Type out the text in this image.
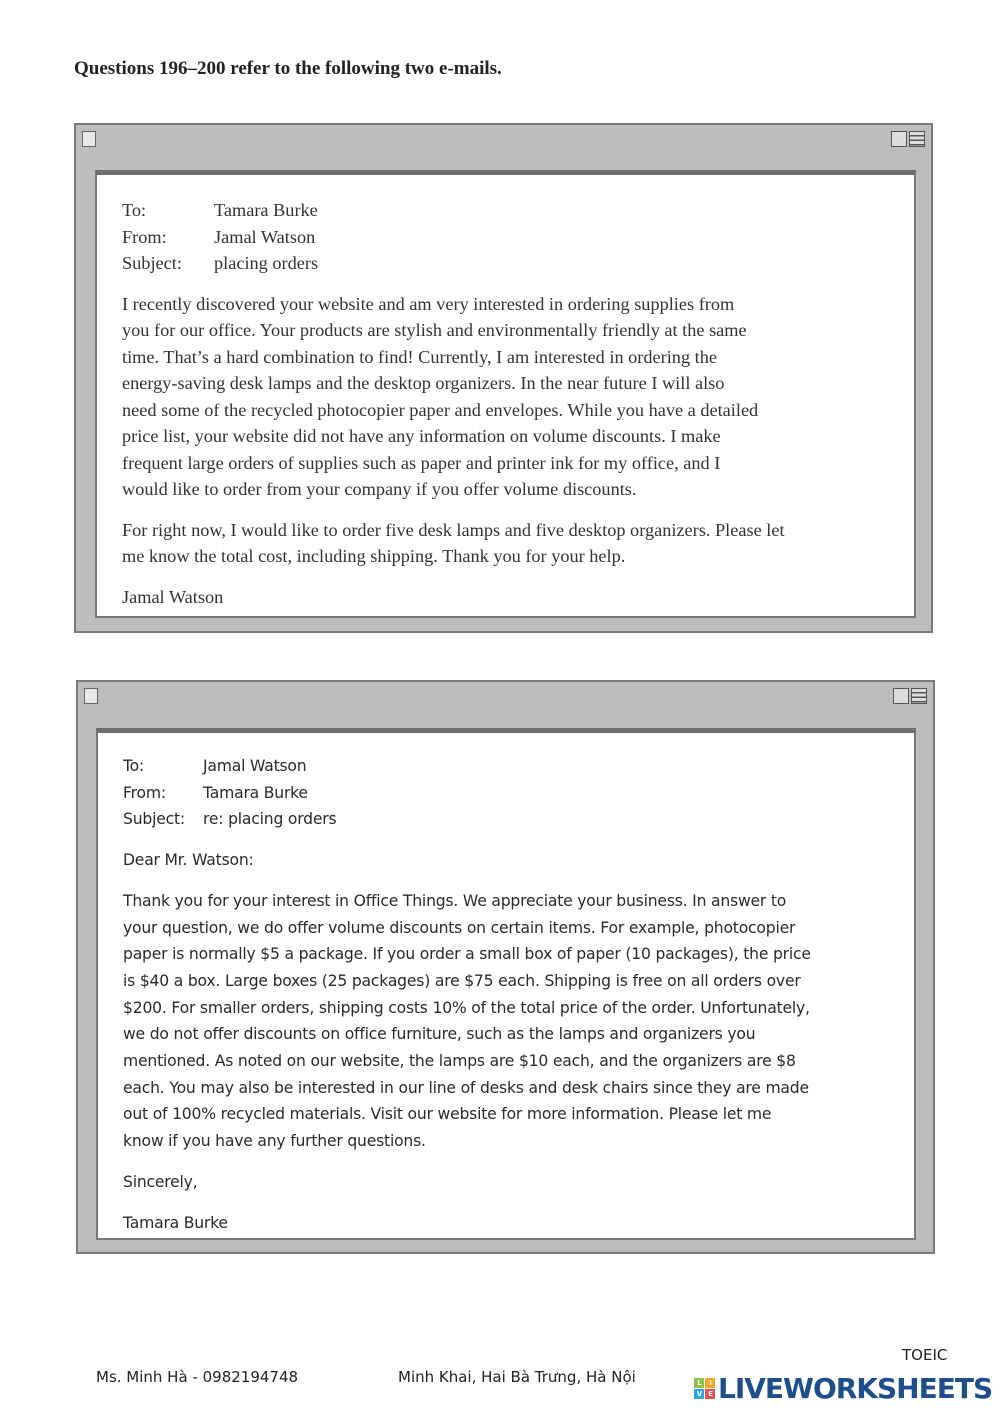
Questions 196–200 refer to the following two e-mails.
To:	Tamara Burke
From:	Jamal Watson
Subject:	placing orders
I recently discovered your website and am very interested in ordering supplies from
you for our office. Your products are stylish and environmentally friendly at the same
time. That’s a hard combination to find! Currently, I am interested in ordering the
energy-saving desk lamps and the desktop organizers. In the near future I will also
need some of the recycled photocopier paper and envelopes. While you have a detailed
price list, your website did not have any information on volume discounts. I make
frequent large orders of supplies such as paper and printer ink for my office, and I
would like to order from your company if you offer volume discounts.
For right now, I would like to order five desk lamps and five desktop organizers. Please let
me know the total cost, including shipping. Thank you for your help.
Jamal Watson
To:	Jamal Watson
From:	Tamara Burke
Subject:	re: placing orders
Dear Mr. Watson:
Thank you for your interest in Office Things. We appreciate your business. In answer to
your question, we do offer volume discounts on certain items. For example, photocopier
paper is normally $5 a package. If you order a small box of paper (10 packages), the price
is $40 a box. Large boxes (25 packages) are $75 each. Shipping is free on all orders over
$200. For smaller orders, shipping costs 10% of the total price of the order. Unfortunately,
we do not offer discounts on office furniture, such as the lamps and organizers you
mentioned. As noted on our website, the lamps are $10 each, and the organizers are $8
each. You may also be interested in our line of desks and desk chairs since they are made
out of 100% recycled materials. Visit our website for more information. Please let me
know if you have any further questions.
Sincerely,
Tamara Burke
Ms. Minh Hà - 0982194748	Minh Khai, Hai Bà Trưng, Hà Nội	L	I
V E LIVEWORKSHEETS
TOEIC
